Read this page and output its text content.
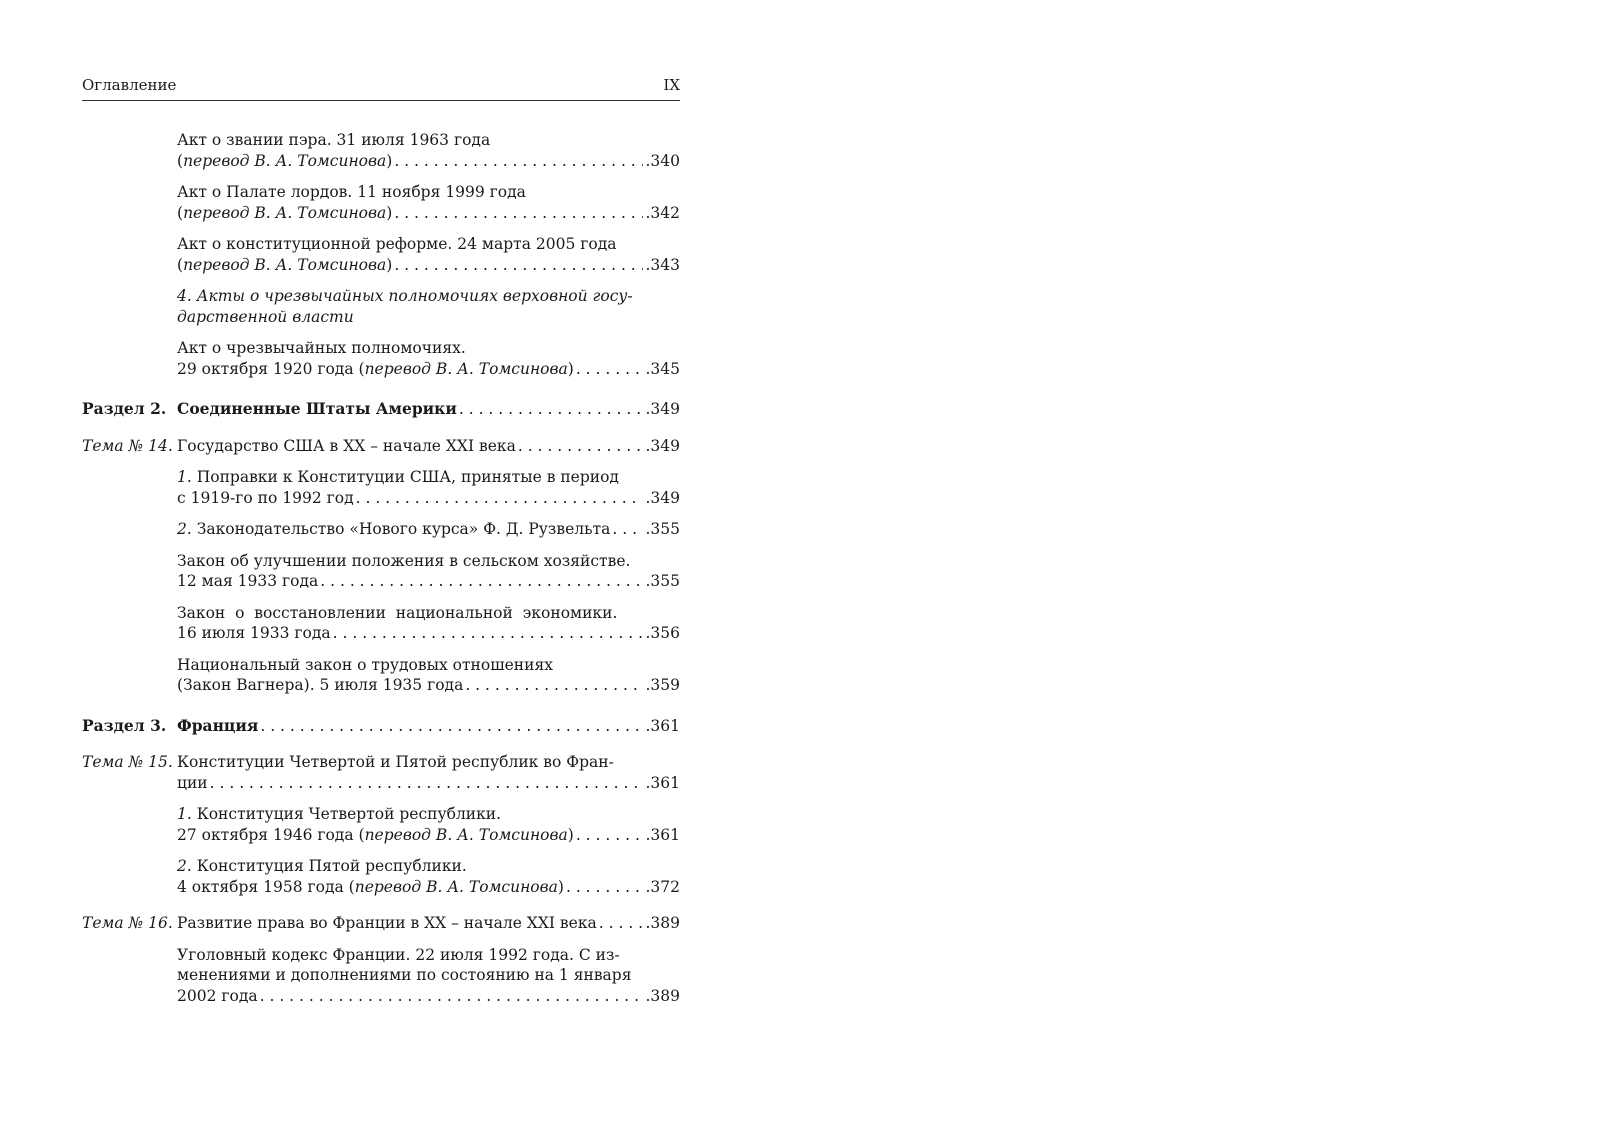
Оглавление	IX
Акт о звании пэра. 31 июля 1963 года
( перевод В. А. Томсинова ) . . .	.340
Акт о Палате лордов. 11 ноября 1999 года
( перевод В. А. Томсинова ) . . .	.342
Акт о конституционной реформе. 24 марта 2005 года
( перевод В. А. Томсинова ) . . .	.343
4. Акты о чрезвычайных полномочиях верховной госу-
дарственной власти
Акт о чрезвычайных полномочиях.
29 октября 1920 года ( перевод В. А. Томсинова ) . . .	.345
Раздел 2. Соединенные Штаты Америки . . .	.349
Тема № 14. Государство США в XX – начале XXI века . . .	.349
1. Поправки к Конституции США, принятые в период
с 1919-го по 1992 год . . .	.349
2. Законодательство «Нового курса» Ф. Д. Рузвельта . . . .355
Закон об улучшении положения в сельском хозяйстве.
12 мая 1933 года . . .	.355
Закон  о  восстановлении  национальной  экономики.
16 июля 1933 года . . .	.356
Национальный закон о трудовых отношениях
(Закон Вагнера). 5 июля 1935 года . . .	.359
Раздел 3. Франция . . .	.361
Тема № 15. Конституции Четвертой и Пятой республик во Фран-
ции . . .	.361
1. Конституция Четвертой республики.
27 октября 1946 года ( перевод В. А. Томсинова ) . . .	.361
2. Конституция Пятой республики.
4 октября 1958 года ( перевод В. А. Томсинова ) . . .	.372
Тема № 16. Развитие права во Франции в XX – начале XXI века . . .	.389
Уголовный кодекс Франции. 22 июля 1992 года. С из-
менениями и дополнениями по состоянию на 1 января
2002 года . . .	.389
